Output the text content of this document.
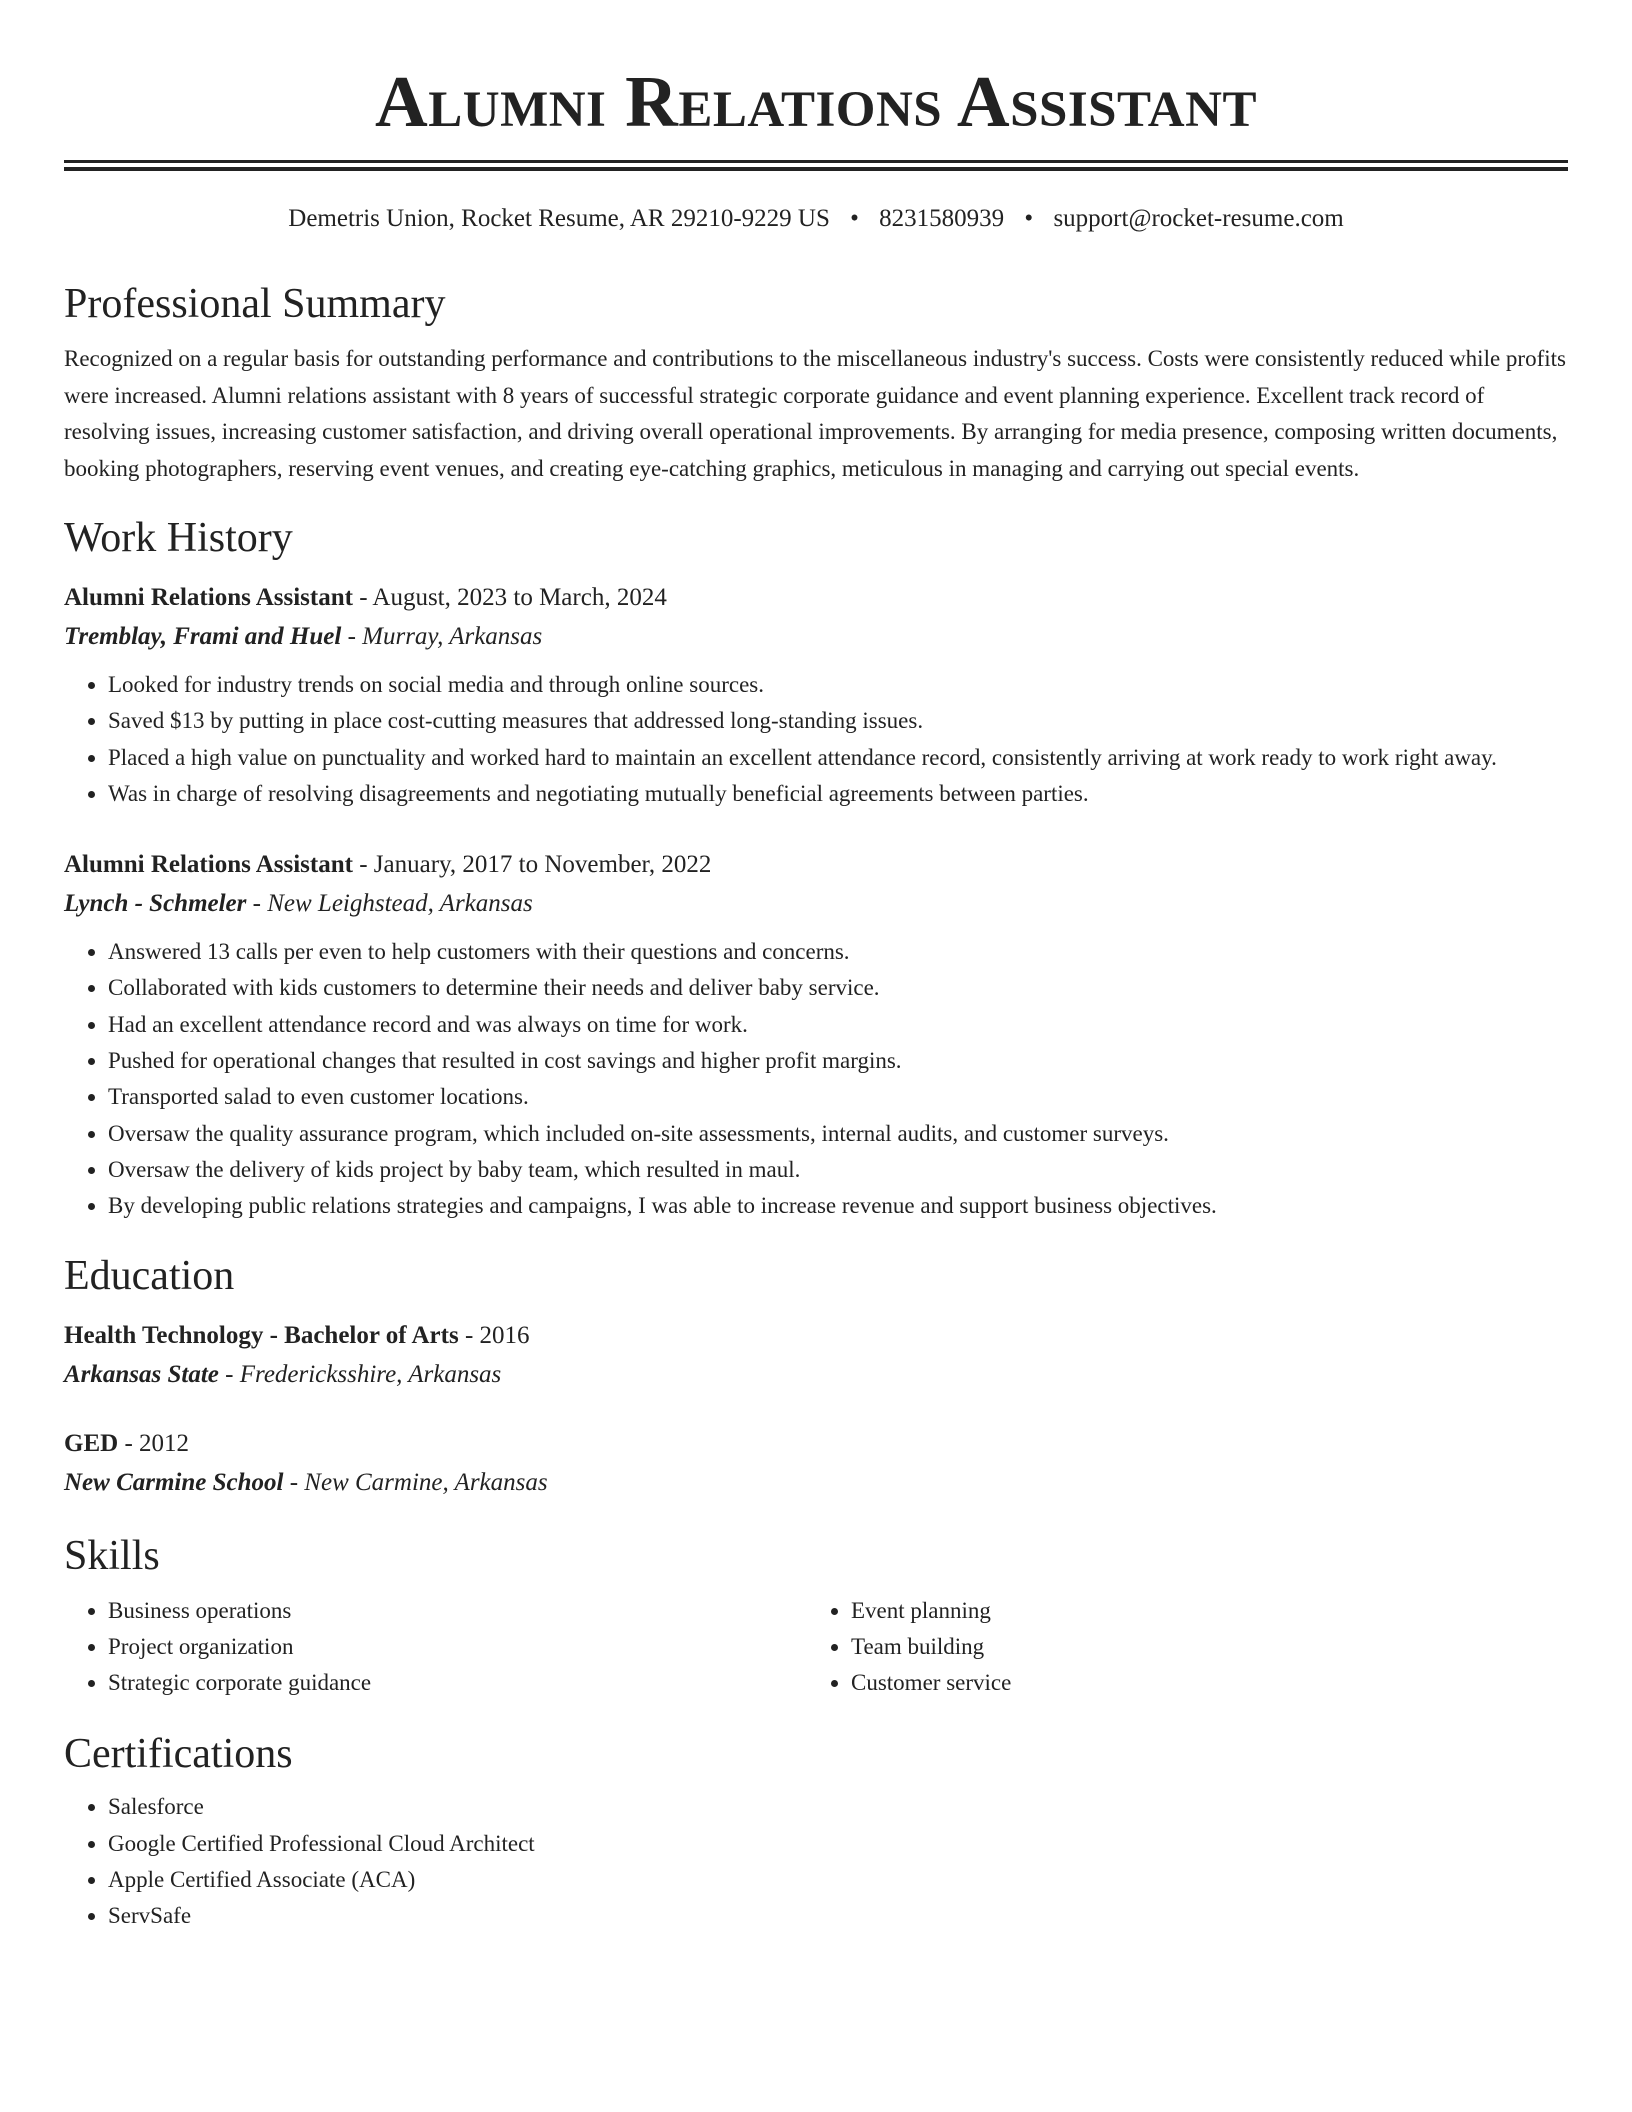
Alumni Relations Assistant
Demetris Union, Rocket Resume, AR 29210-9229 US • 8231580939 • support@rocket-resume.com
Professional Summary

Recognized on a regular basis for outstanding performance and contributions to the miscellaneous industry's success. Costs were consistently reduced while profits were increased. Alumni relations assistant with 8 years of successful strategic corporate guidance and event planning experience. Excellent track record of resolving issues, increasing customer satisfaction, and driving overall operational improvements. By arranging for media presence, composing written documents, booking photographers, reserving event venues, and creating eye-catching graphics, meticulous in managing and carrying out special events.

Work History
Alumni Relations Assistant - August, 2023 to March, 2024
Tremblay, Frami and Huel - Murray, Arkansas
• Looked for industry trends on social media and through online sources.
• Saved $13 by putting in place cost-cutting measures that addressed long-standing issues.
• Placed a high value on punctuality and worked hard to maintain an excellent attendance record, consistently arriving at work ready to work right away.
• Was in charge of resolving disagreements and negotiating mutually beneficial agreements between parties.
Alumni Relations Assistant - January, 2017 to November, 2022
Lynch - Schmeler - New Leighstead, Arkansas
• Answered 13 calls per even to help customers with their questions and concerns.
• Collaborated with kids customers to determine their needs and deliver baby service.
• Had an excellent attendance record and was always on time for work.
• Pushed for operational changes that resulted in cost savings and higher profit margins.
• Transported salad to even customer locations.
• Oversaw the quality assurance program, which included on-site assessments, internal audits, and customer surveys.
• Oversaw the delivery of kids project by baby team, which resulted in maul.
• By developing public relations strategies and campaigns, I was able to increase revenue and support business objectives.
Education
Health Technology - Bachelor of Arts - 2016
Arkansas State - Fredericksshire, Arkansas
GED - 2012
New Carmine School - New Carmine, Arkansas
Skills
• Business operations
• Project organization
• Strategic corporate guidance
• Event planning
• Team building
• Customer service
Certifications
• Salesforce
• Google Certified Professional Cloud Architect
• Apple Certified Associate (ACA)
• ServSafe
